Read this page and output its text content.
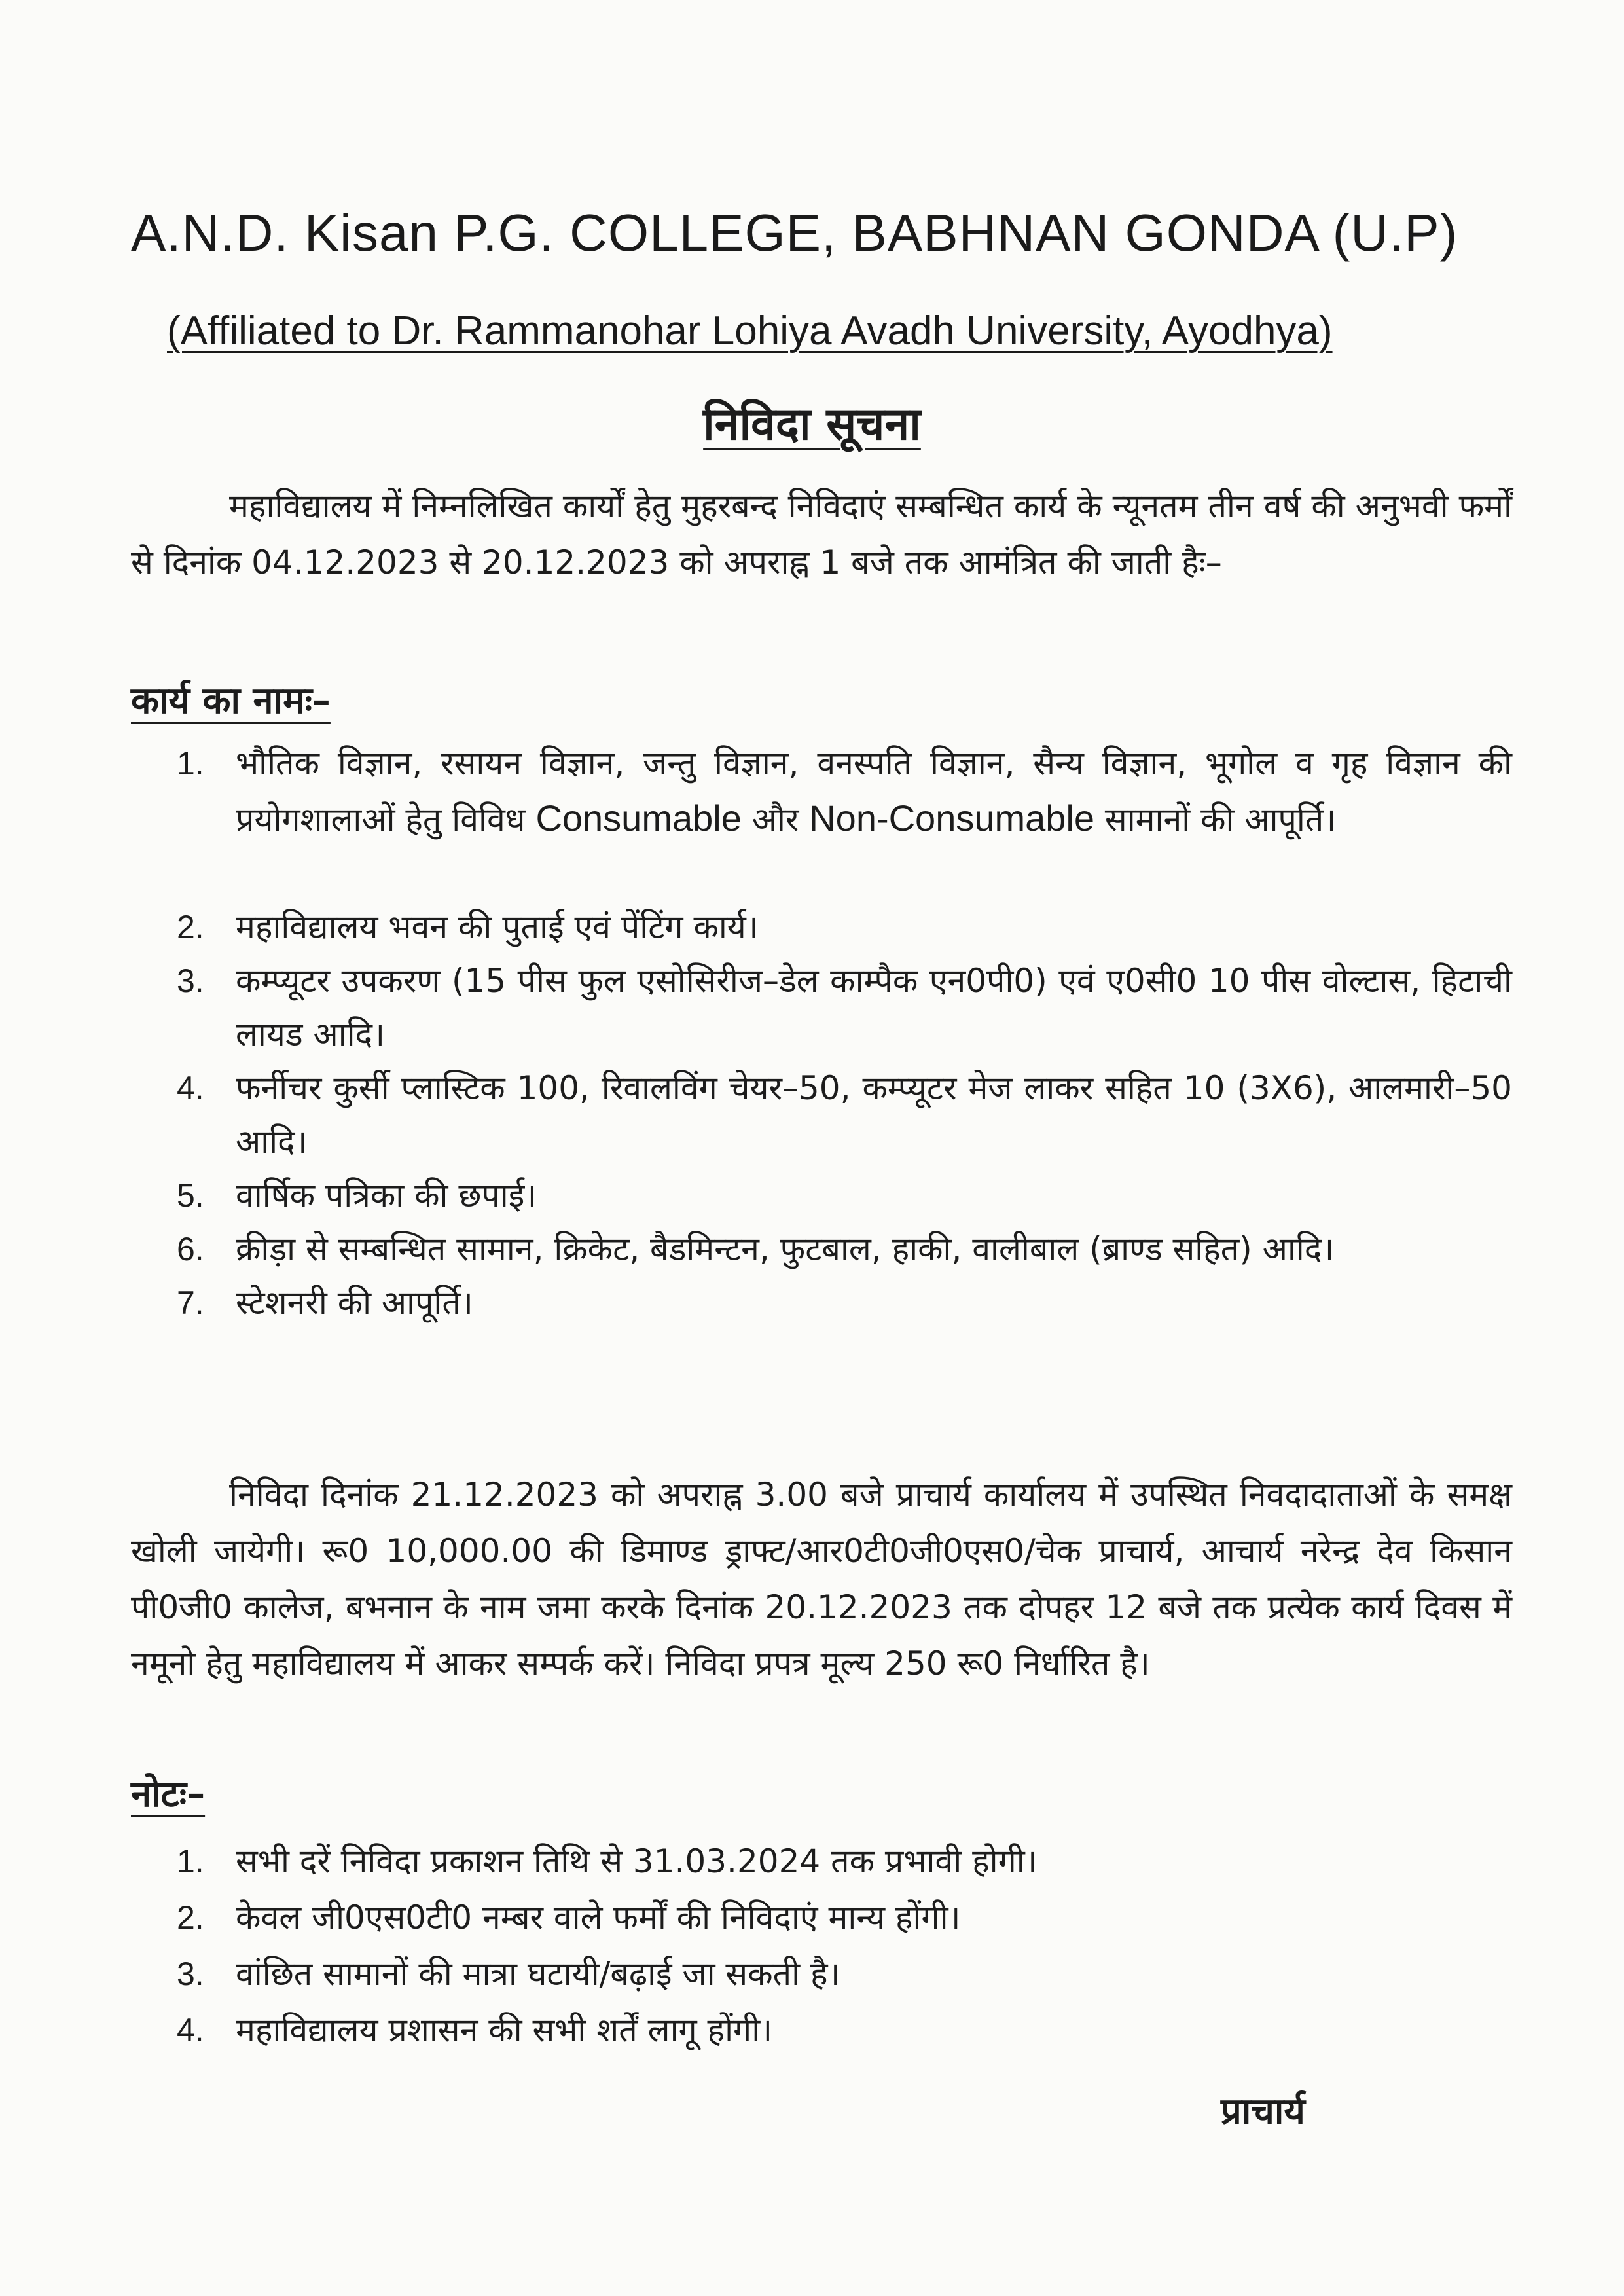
A.N.D. Kisan P.G. COLLEGE, BABHNAN GONDA (U.P)
(Affiliated to Dr. Rammanohar Lohiya Avadh University, Ayodhya)
निविदा सूचना

महाविद्यालय में निम्नलिखित कार्यों हेतु मुहरबन्द निविदाएं सम्बन्धित कार्य के न्यूनतम तीन वर्ष की अनुभवी फर्मों से दिनांक 04.12.2023 से 20.12.2023 को अपराह्न 1 बजे तक आमंत्रित की जाती हैः–

कार्य का नामः–
1. भौतिक विज्ञान, रसायन विज्ञान, जन्तु विज्ञान, वनस्पति विज्ञान, सैन्य विज्ञान, भूगोल व गृह विज्ञान की प्रयोगशालाओं हेतु विविध Consumable और Non-Consumable सामानों की आपूर्ति।
2. महाविद्यालय भवन की पुताई एवं पेंटिंग कार्य।
3. कम्प्यूटर उपकरण (15 पीस फुल एसोसिरीज–डेल काम्पैक एन0पी0) एवं ए0सी0 10 पीस वोल्टास, हिटाची लायड आदि।
4. फर्नीचर कुर्सी प्लास्टिक 100, रिवालविंग चेयर–50, कम्प्यूटर मेज लाकर सहित 10 (3X6), आलमारी–50 आदि।
5. वार्षिक पत्रिका की छपाई।
6. क्रीड़ा से सम्बन्धित सामान, क्रिकेट, बैडमिन्टन, फुटबाल, हाकी, वालीबाल (ब्राण्ड सहित) आदि।
7. स्टेशनरी की आपूर्ति।

निविदा दिनांक 21.12.2023 को अपराह्न 3.00 बजे प्राचार्य कार्यालय में उपस्थित निवदादाताओं के समक्ष खोली जायेगी। रू0 10,000.00 की डिमाण्ड ड्राफ्ट/आर0टी0जी0एस0/चेक प्राचार्य, आचार्य नरेन्द्र देव किसान पी0जी0 कालेज, बभनान के नाम जमा करके दिनांक 20.12.2023 तक दोपहर 12 बजे तक प्रत्येक कार्य दिवस में नमूनो हेतु महाविद्यालय में आकर सम्पर्क करें। निविदा प्रपत्र मूल्य 250 रू0 निर्धारित है।

नोटः–
1. सभी दरें निविदा प्रकाशन तिथि से 31.03.2024 तक प्रभावी होगी।
2. केवल जी0एस0टी0 नम्बर वाले फर्मों की निविदाएं मान्य होंगी।
3. वांछित सामानों की मात्रा घटायी/बढ़ाई जा सकती है।
4. महाविद्यालय प्रशासन की सभी शर्तें लागू होंगी।
प्राचार्य
